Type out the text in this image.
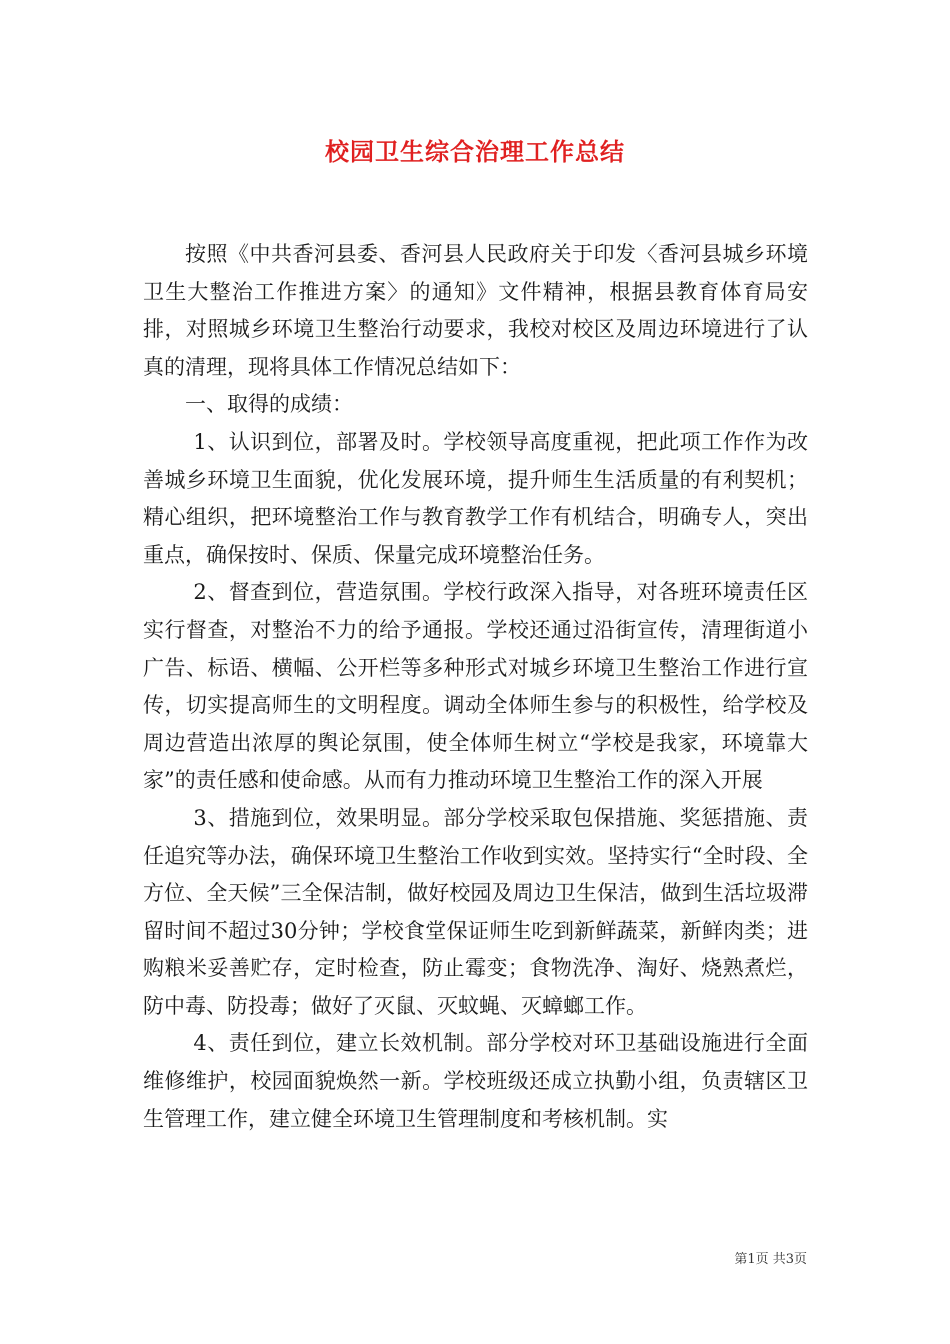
校园卫生综合治理工作总结

按照《中共香河县委、香河县人民政府关于印发〈香河县城乡环境卫生大整治工作推进方案〉的通知》文件精神，根据县教育体育局安排，对照城乡环境卫生整治行动要求，我校对校区及周边环境进行了认真的清理，现将具体工作情况总结如下：

一、取得的成绩：

1、认识到位，部署及时。学校领导高度重视，把此项工作作为改善城乡环境卫生面貌，优化发展环境，提升师生生活质量的有利契机；精心组织，把环境整治工作与教育教学工作有机结合，明确专人，突出重点，确保按时、保质、保量完成环境整治任务。

2、督查到位，营造氛围。学校行政深入指导，对各班环境责任区实行督查，对整治不力的给予通报。学校还通过沿街宣传，清理街道小广告、标语、横幅、公开栏等多种形式对城乡环境卫生整治工作进行宣传，切实提高师生的文明程度。调动全体师生参与的积极性，给学校及周边营造出浓厚的舆论氛围，使全体师生树立“学校是我家，环境靠大家”的责任感和使命感。从而有力推动环境卫生整治工作的深入开展

3、措施到位，效果明显。部分学校采取包保措施、奖惩措施、责任追究等办法，确保环境卫生整治工作收到实效。坚持实行“全时段、全方位、全天候”三全保洁制，做好校园及周边卫生保洁，做到生活垃圾滞留时间不超过30分钟；学校食堂保证师生吃到新鲜蔬菜，新鲜肉类；进购粮米妥善贮存，定时检查，防止霉变；食物洗净、淘好、烧熟煮烂，防中毒、防投毒；做好了灭鼠、灭蚊蝇、灭蟑螂工作。

4、责任到位，建立长效机制。部分学校对环卫基础设施进行全面维修维护，校园面貌焕然一新。学校班级还成立执勤小组，负责辖区卫生管理工作，建立健全环境卫生管理制度和考核机制。实

第1页 共3页
